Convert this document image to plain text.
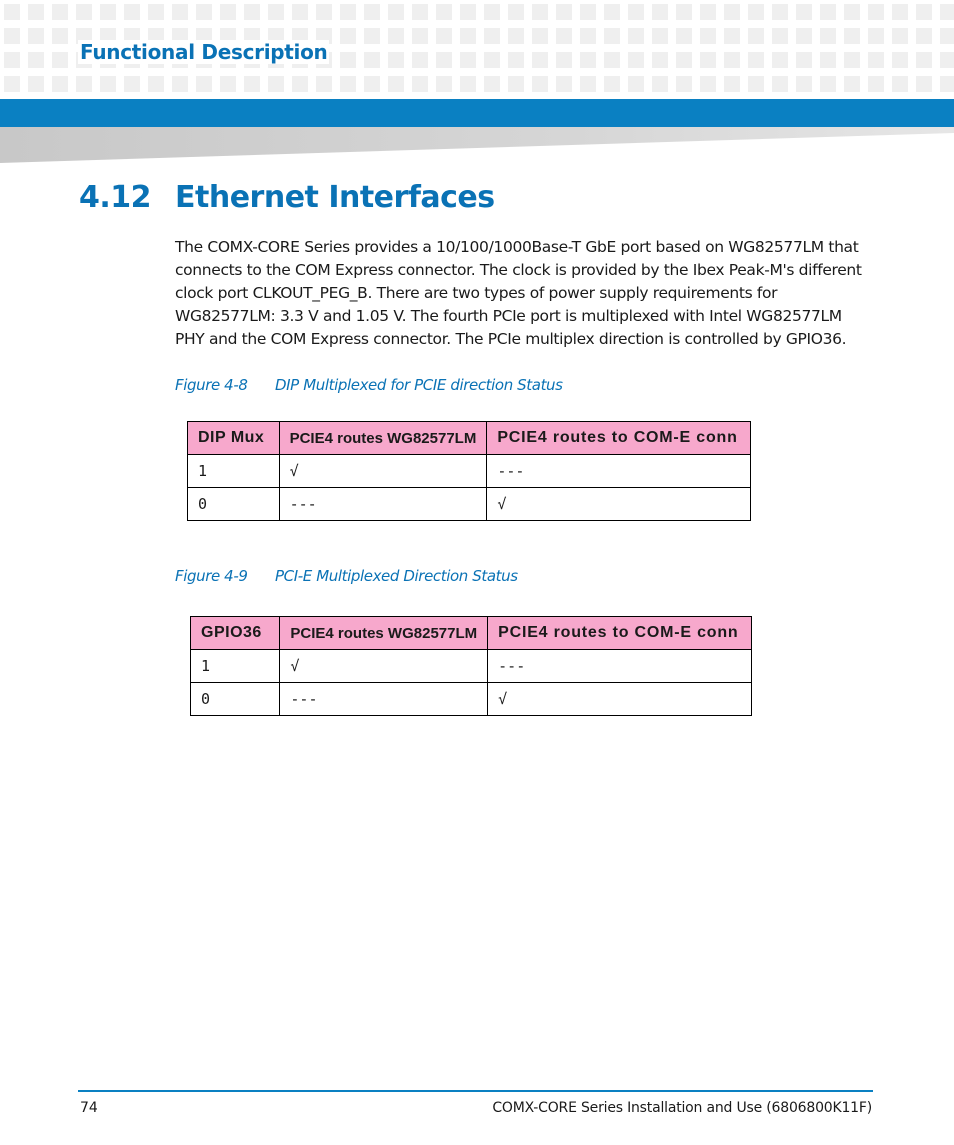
Functional Description
4.12 Ethernet Interfaces

The COMX-CORE Series provides a 10/100/1000Base-T GbE port based on WG82577LM that connects to the COM Express connector. The clock is provided by the Ibex Peak-M's different clock port CLKOUT_PEG_B. There are two types of power supply requirements for WG82577LM: 3.3 V and 1.05 V. The fourth PCIe port is multiplexed with Intel WG82577LM PHY and the COM Express connector. The PCIe multiplex direction is controlled by GPIO36.

Figure 4-8 DIP Multiplexed for PCIE direction Status
DIP Mux	PCIE4 routes WG82577LM	PCIE4 routes to COM-E conn
1	√	---
0	---	√
Figure 4-9 PCI-E Multiplexed Direction Status
GPIO36	PCIE4 routes WG82577LM	PCIE4 routes to COM-E conn
1	√	---
0	---	√
74	COMX-CORE Series Installation and Use (6806800K11F)
